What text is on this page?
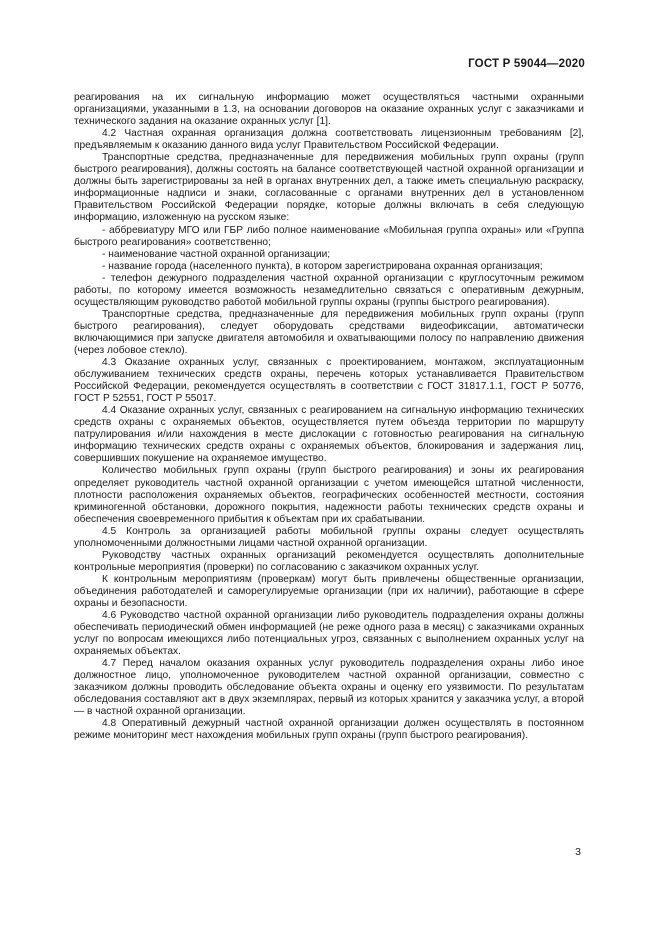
ГОСТ Р 59044—2020

реагирования на их сигнальную информацию может осуществляться частными охранными организациями, указанными в 1.3, на основании договоров на оказание охранных услуг с заказчиками и технического задания на оказание охранных услуг [1].

4.2 Частная охранная организация должна соответствовать лицензионным требованиям [2], предъявляемым к оказанию данного вида услуг Правительством Российской Федерации.

Транспортные средства, предназначенные для передвижения мобильных групп охраны (групп быстрого реагирования), должны состоять на балансе соответствующей частной охранной организации и должны быть зарегистрированы за ней в органах внутренних дел, а также иметь специальную раскраску, информационные надписи и знаки, согласованные с органами внутренних дел в установленном Правительством Российской Федерации порядке, которые должны включать в себя следующую информацию, изложенную на русском языке:

- аббревиатуру МГО или ГБР либо полное наименование «Мобильная группа охраны» или «Группа быстрого реагирования» соответственно;

- наименование частной охранной организации;

- название города (населенного пункта), в котором зарегистрирована охранная организация;

- телефон дежурного подразделения частной охранной организации с круглосуточным режимом работы, по которому имеется возможность незамедлительно связаться с оперативным дежурным, осуществляющим руководство работой мобильной группы охраны (группы быстрого реагирования).

Транспортные средства, предназначенные для передвижения мобильных групп охраны (групп быстрого реагирования), следует оборудовать средствами видеофиксации, автоматически включающимися при запуске двигателя автомобиля и охватывающими полосу по направлению движения (через лобовое стекло).

4.3 Оказание охранных услуг, связанных с проектированием, монтажом, эксплуатационным обслуживанием технических средств охраны, перечень которых устанавливается Правительством Российской Федерации, рекомендуется осуществлять в соответствии с ГОСТ 31817.1.1, ГОСТ Р 50776, ГОСТ Р 52551, ГОСТ Р 55017.

4.4 Оказание охранных услуг, связанных с реагированием на сигнальную информацию технических средств охраны с охраняемых объектов, осуществляется путем объезда территории по маршруту патрулирования и/или нахождения в месте дислокации с готовностью реагирования на сигнальную информацию технических средств охраны с охраняемых объектов, блокирования и задержания лиц, совершивших покушение на охраняемое имущество.

Количество мобильных групп охраны (групп быстрого реагирования) и зоны их реагирования определяет руководитель частной охранной организации с учетом имеющейся штатной численности, плотности расположения охраняемых объектов, географических особенностей местности, состояния криминогенной обстановки, дорожного покрытия, надежности работы технических средств охраны и обеспечения своевременного прибытия к объектам при их срабатывании.

4.5 Контроль за организацией работы мобильной группы охраны следует осуществлять уполномоченными должностными лицами частной охранной организации.

Руководству частных охранных организаций рекомендуется осуществлять дополнительные контрольные мероприятия (проверки) по согласованию с заказчиком охранных услуг.

К контрольным мероприятиям (проверкам) могут быть привлечены общественные организации, объединения работодателей и саморегулируемые организации (при их наличии), работающие в сфере охраны и безопасности.

4.6 Руководство частной охранной организации либо руководитель подразделения охраны должны обеспечивать периодический обмен информацией (не реже одного раза в месяц) с заказчиками охранных услуг по вопросам имеющихся либо потенциальных угроз, связанных с выполнением охранных услуг на охраняемых объектах.

4.7 Перед началом оказания охранных услуг руководитель подразделения охраны либо иное должностное лицо, уполномоченное руководителем частной охранной организации, совместно с заказчиком должны проводить обследование объекта охраны и оценку его уязвимости. По результатам обследования составляют акт в двух экземплярах, первый из которых хранится у заказчика услуг, а второй — в частной охранной организации.

4.8 Оперативный дежурный частной охранной организации должен осуществлять в постоянном режиме мониторинг мест нахождения мобильных групп охраны (групп быстрого реагирования).

3
